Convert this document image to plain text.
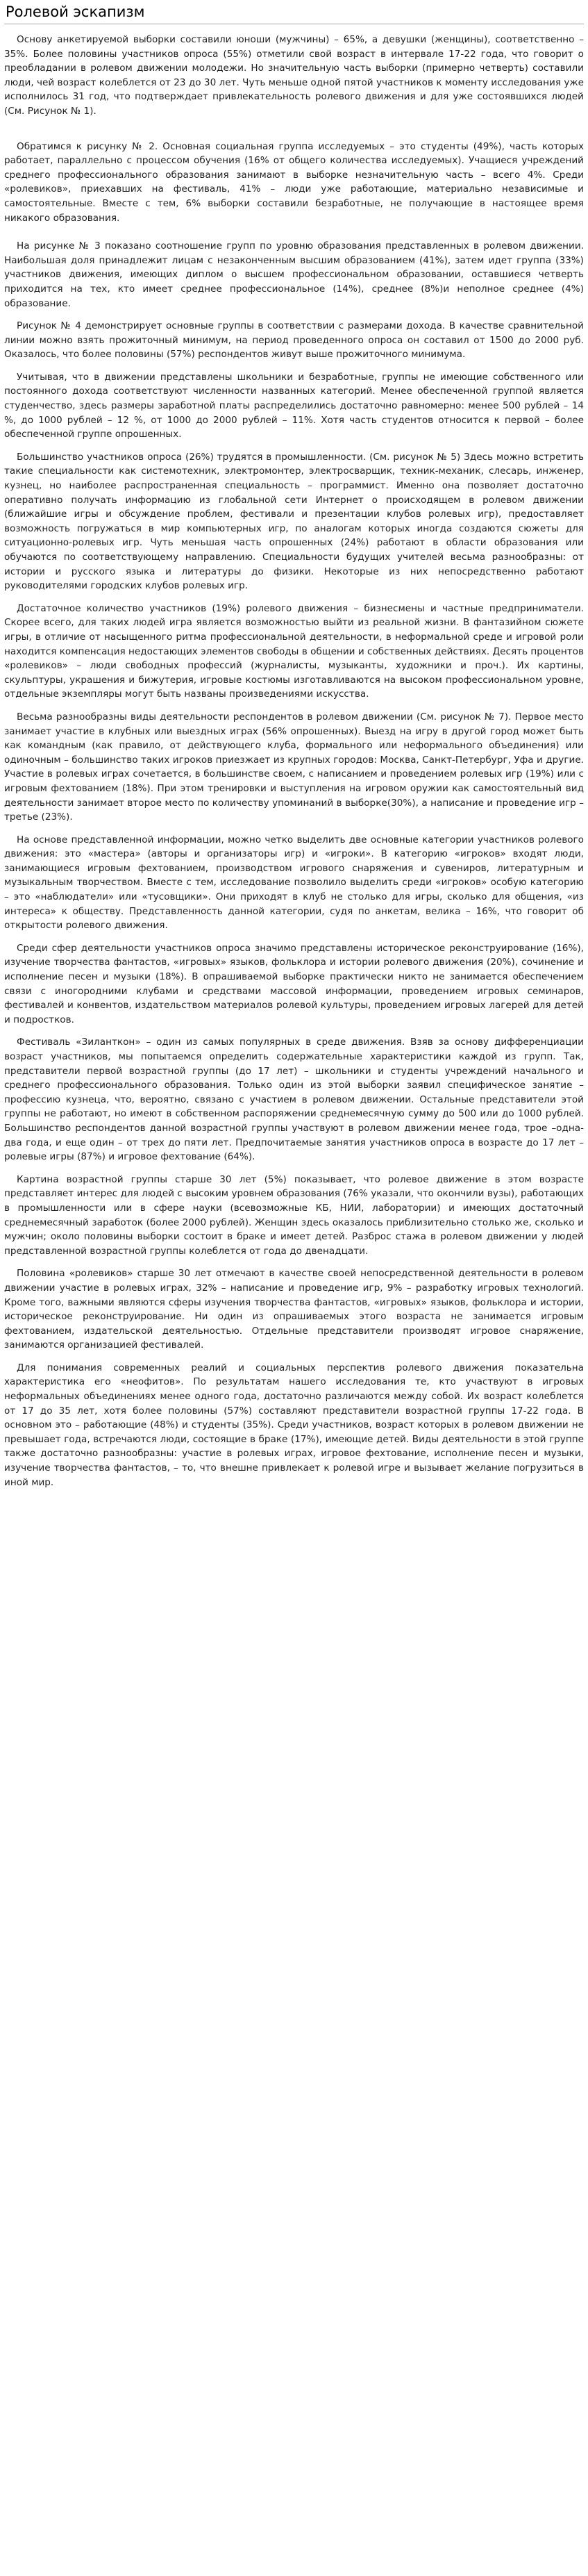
Ролевой эскапизм

Основу анкетируемой выборки составили юноши (мужчины) – 65%, а девушки (женщины), соответственно – 35%. Более половины участников опроса (55%) отметили свой возраст в интервале 17-22 года, что говорит о преобладании в ролевом движении молодежи. Но значительную часть выборки (примерно четверть) составили люди, чей возраст колеблется от 23 до 30 лет. Чуть меньше одной пятой участников к моменту исследования уже исполнилось 31 год, что подтверждает привлекательность ролевого движения и для уже состоявшихся людей (См. Рисунок № 1).

Обратимся к рисунку № 2. Основная социальная группа исследуемых – это студенты (49%), часть которых работает, параллельно с процессом обучения (16% от общего количества исследуемых). Учащиеся учреждений среднего профессионального образования занимают в выборке незначительную часть – всего 4%. Среди «ролевиков», приехавших на фестиваль, 41% – люди уже работающие, материально независимые и самостоятельные. Вместе с тем, 6% выборки составили безработные, не получающие в настоящее время никакого образования.

На рисунке № 3 показано соотношение групп по уровню образования представленных в ролевом движении. Наибольшая доля принадлежит лицам с незаконченным высшим образованием (41%), затем идет группа (33%) участников движения, имеющих диплом о высшем профессиональном образовании, оставшиеся четверть приходится на тех, кто имеет среднее профессиональное (14%), среднее (8%)и неполное среднее (4%) образование.

Рисунок № 4 демонстрирует основные группы в соответствии с размерами дохода. В качестве сравнительной линии можно взять прожиточный минимум, на период проведенного опроса он составил от 1500 до 2000 руб. Оказалось, что более половины (57%) респондентов живут выше прожиточного минимума.

Учитывая, что в движении представлены школьники и безработные, группы не имеющие собственного или постоянного дохода соответствуют численности названных категорий. Менее обеспеченной группой является студенчество, здесь размеры заработной платы распределились достаточно равномерно: менее 500 рублей – 14 %, до 1000 рублей – 12 %, от 1000 до 2000 рублей – 11%. Хотя часть студентов относится к первой – более обеспеченной группе опрошенных.

Большинство участников опроса (26%) трудятся в промышленности. (См. рисунок № 5) Здесь можно встретить такие специальности как системотехник, электромонтер, электросварщик, техник-механик, слесарь, инженер, кузнец, но наиболее распространенная специальность – программист. Именно она позволяет достаточно оперативно получать информацию из глобальной сети Интернет о происходящем в ролевом движении (ближайшие игры и обсуждение проблем, фестивали и презентации клубов ролевых игр), предоставляет возможность погружаться в мир компьютерных игр, по аналогам которых иногда создаются сюжеты для ситуационно-ролевых игр. Чуть меньшая часть опрошенных (24%) работают в области образования или обучаются по соответствующему направлению. Специальности будущих учителей весьма разнообразны: от истории и русского языка и литературы до физики. Некоторые из них непосредственно работают руководителями городских клубов ролевых игр.

Достаточное количество участников (19%) ролевого движения – бизнесмены и частные предприниматели. Скорее всего, для таких людей игра является возможностью выйти из реальной жизни. В фантазийном сюжете игры, в отличие от насыщенного ритма профессиональной деятельности, в неформальной среде и игровой роли находится компенсация недостающих элементов свободы в общении и собственных действиях. Десять процентов «ролевиков» – люди свободных профессий (журналисты, музыканты, художники и проч.). Их картины, скульптуры, украшения и бижутерия, игровые костюмы изготавливаются на высоком профессиональном уровне, отдельные экземпляры могут быть названы произведениями искусства.

Весьма разнообразны виды деятельности респондентов в ролевом движении (См. рисунок № 7). Первое место занимает участие в клубных или выездных играх (56% опрошенных). Выезд на игру в другой город может быть как командным (как правило, от действующего клуба, формального или неформального объединения) или одиночным – большинство таких игроков приезжает из крупных городов: Москва, Санкт-Петербург, Уфа и другие. Участие в ролевых играх сочетается, в большинстве своем, с написанием и проведением ролевых игр (19%) или с игровым фехтованием (18%). При этом тренировки и выступления на игровом оружии как самостоятельный вид деятельности занимает второе место по количеству упоминаний в выборке(30%), а написание и проведение игр – третье (23%).

На основе представленной информации, можно четко выделить две основные категории участников ролевого движения: это «мастера» (авторы и организаторы игр) и «игроки». В категорию «игроков» входят люди, занимающиеся игровым фехтованием, производством игрового снаряжения и сувениров, литературным и музыкальным творчеством. Вместе с тем, исследование позволило выделить среди «игроков» особую категорию – это «наблюдатели» или «тусовщики». Они приходят в клуб не столько для игры, сколько для общения, «из интереса» к обществу. Представленность данной категории, судя по анкетам, велика – 16%, что говорит об открытости ролевого движения.

Среди сфер деятельности участников опроса значимо представлены историческое реконструирование (16%), изучение творчества фантастов, «игровых» языков, фольклора и истории ролевого движения (20%), сочинение и исполнение песен и музыки (18%). В опрашиваемой выборке практически никто не занимается обеспечением связи с иногородними клубами и средствами массовой информации, проведением игровых семинаров, фестивалей и конвентов, издательством материалов ролевой культуры, проведением игровых лагерей для детей и подростков.

Фестиваль «Зиланткон» – один из самых популярных в среде движения. Взяв за основу дифференциации возраст участников, мы попытаемся определить содержательные характеристики каждой из групп. Так, представители первой возрастной группы (до 17 лет) – школьники и студенты учреждений начального и среднего профессионального образования. Только один из этой выборки заявил специфическое занятие – профессию кузнеца, что, вероятно, связано с участием в ролевом движении. Остальные представители этой группы не работают, но имеют в собственном распоряжении среднемесячную сумму до 500 или до 1000 рублей. Большинство респондентов данной возрастной группы участвуют в ролевом движении менее года, трое –одна-два года, и еще один – от трех до пяти лет. Предпочитаемые занятия участников опроса в возрасте до 17 лет – ролевые игры (87%) и игровое фехтование (64%).

Картина возрастной группы старше 30 лет (5%) показывает, что ролевое движение в этом возрасте представляет интерес для людей с высоким уровнем образования (76% указали, что окончили вузы), работающих в промышленности или в сфере науки (всевозможные КБ, НИИ, лаборатории) и имеющих достаточный среднемесячный заработок (более 2000 рублей). Женщин здесь оказалось приблизительно столько же, сколько и мужчин; около половины выборки состоит в браке и имеет детей. Разброс стажа в ролевом движении у людей представленной возрастной группы колеблется от года до двенадцати.

Половина «ролевиков» старше 30 лет отмечают в качестве своей непосредственной деятельности в ролевом движении участие в ролевых играх, 32% – написание и проведение игр, 9% – разработку игровых технологий. Кроме того, важными являются сферы изучения творчества фантастов, «игровых» языков, фольклора и истории, историческое реконструирование. Ни один из опрашиваемых этого возраста не занимается игровым фехтованием, издательской деятельностью. Отдельные представители производят игровое снаряжение, занимаются организацией фестивалей.

Для понимания современных реалий и социальных перспектив ролевого движения показательна характеристика его «неофитов». По результатам нашего исследования те, кто участвуют в игровых неформальных объединениях менее одного года, достаточно различаются между собой. Их возраст колеблется от 17 до 35 лет, хотя более половины (57%) составляют представители возрастной группы 17-22 года. В основном это – работающие (48%) и студенты (35%). Среди участников, возраст которых в ролевом движении не превышает года, встречаются люди, состоящие в браке (17%), имеющие детей. Виды деятельности в этой группе также достаточно разнообразны: участие в ролевых играх, игровое фехтование, исполнение песен и музыки, изучение творчества фантастов, – то, что внешне привлекает к ролевой игре и вызывает желание погрузиться в иной мир.
